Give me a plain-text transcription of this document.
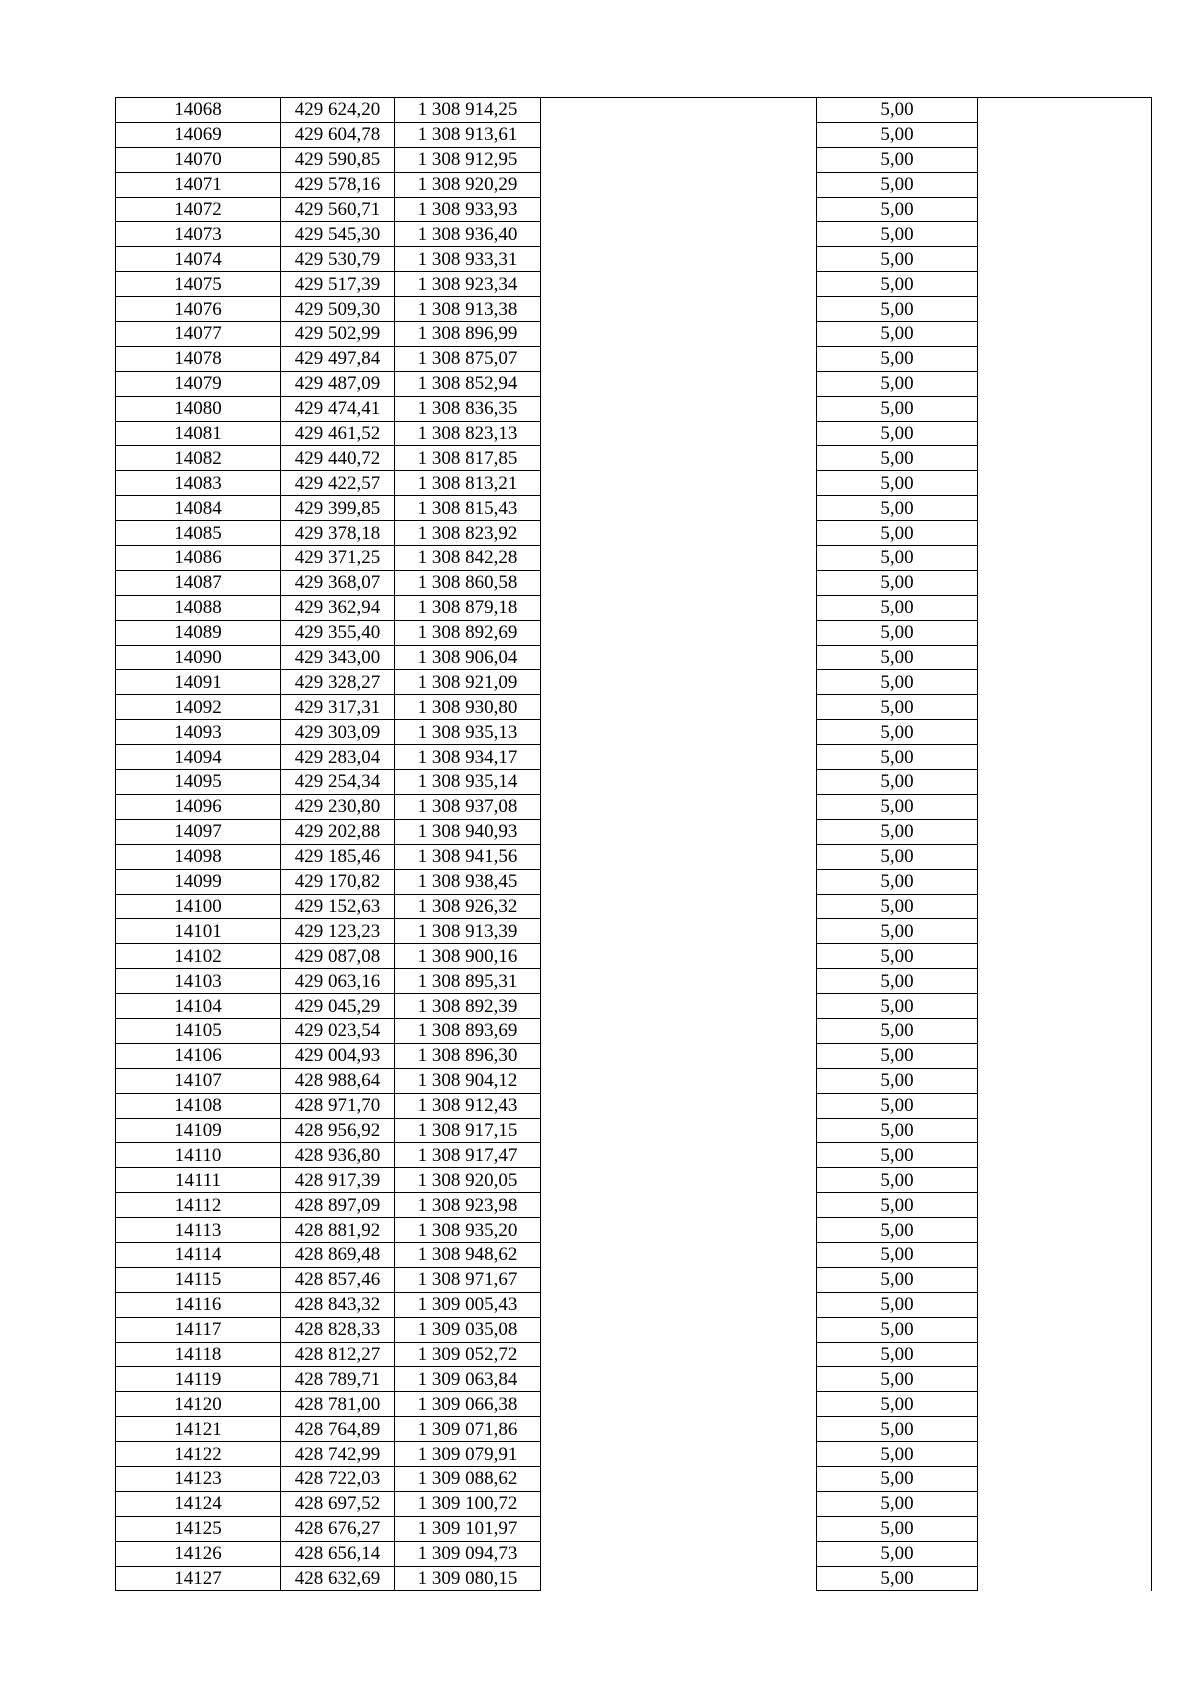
14068	429 624,20	1 308 914,25		5,00	
14069	429 604,78	1 308 913,61		5,00	
14070	429 590,85	1 308 912,95		5,00	
14071	429 578,16	1 308 920,29		5,00	
14072	429 560,71	1 308 933,93		5,00	
14073	429 545,30	1 308 936,40		5,00	
14074	429 530,79	1 308 933,31		5,00	
14075	429 517,39	1 308 923,34		5,00	
14076	429 509,30	1 308 913,38		5,00	
14077	429 502,99	1 308 896,99		5,00	
14078	429 497,84	1 308 875,07		5,00	
14079	429 487,09	1 308 852,94		5,00	
14080	429 474,41	1 308 836,35		5,00	
14081	429 461,52	1 308 823,13		5,00	
14082	429 440,72	1 308 817,85		5,00	
14083	429 422,57	1 308 813,21		5,00	
14084	429 399,85	1 308 815,43		5,00	
14085	429 378,18	1 308 823,92		5,00	
14086	429 371,25	1 308 842,28		5,00	
14087	429 368,07	1 308 860,58		5,00	
14088	429 362,94	1 308 879,18		5,00	
14089	429 355,40	1 308 892,69		5,00	
14090	429 343,00	1 308 906,04		5,00	
14091	429 328,27	1 308 921,09		5,00	
14092	429 317,31	1 308 930,80		5,00	
14093	429 303,09	1 308 935,13		5,00	
14094	429 283,04	1 308 934,17		5,00	
14095	429 254,34	1 308 935,14		5,00	
14096	429 230,80	1 308 937,08		5,00	
14097	429 202,88	1 308 940,93		5,00	
14098	429 185,46	1 308 941,56		5,00	
14099	429 170,82	1 308 938,45		5,00	
14100	429 152,63	1 308 926,32		5,00	
14101	429 123,23	1 308 913,39		5,00	
14102	429 087,08	1 308 900,16		5,00	
14103	429 063,16	1 308 895,31		5,00	
14104	429 045,29	1 308 892,39		5,00	
14105	429 023,54	1 308 893,69		5,00	
14106	429 004,93	1 308 896,30		5,00	
14107	428 988,64	1 308 904,12		5,00	
14108	428 971,70	1 308 912,43		5,00	
14109	428 956,92	1 308 917,15		5,00	
14110	428 936,80	1 308 917,47		5,00	
14111	428 917,39	1 308 920,05		5,00	
14112	428 897,09	1 308 923,98		5,00	
14113	428 881,92	1 308 935,20		5,00	
14114	428 869,48	1 308 948,62		5,00	
14115	428 857,46	1 308 971,67		5,00	
14116	428 843,32	1 309 005,43		5,00	
14117	428 828,33	1 309 035,08		5,00	
14118	428 812,27	1 309 052,72		5,00	
14119	428 789,71	1 309 063,84		5,00	
14120	428 781,00	1 309 066,38		5,00	
14121	428 764,89	1 309 071,86		5,00	
14122	428 742,99	1 309 079,91		5,00	
14123	428 722,03	1 309 088,62		5,00	
14124	428 697,52	1 309 100,72		5,00	
14125	428 676,27	1 309 101,97		5,00	
14126	428 656,14	1 309 094,73		5,00	
14127	428 632,69	1 309 080,15		5,00	
